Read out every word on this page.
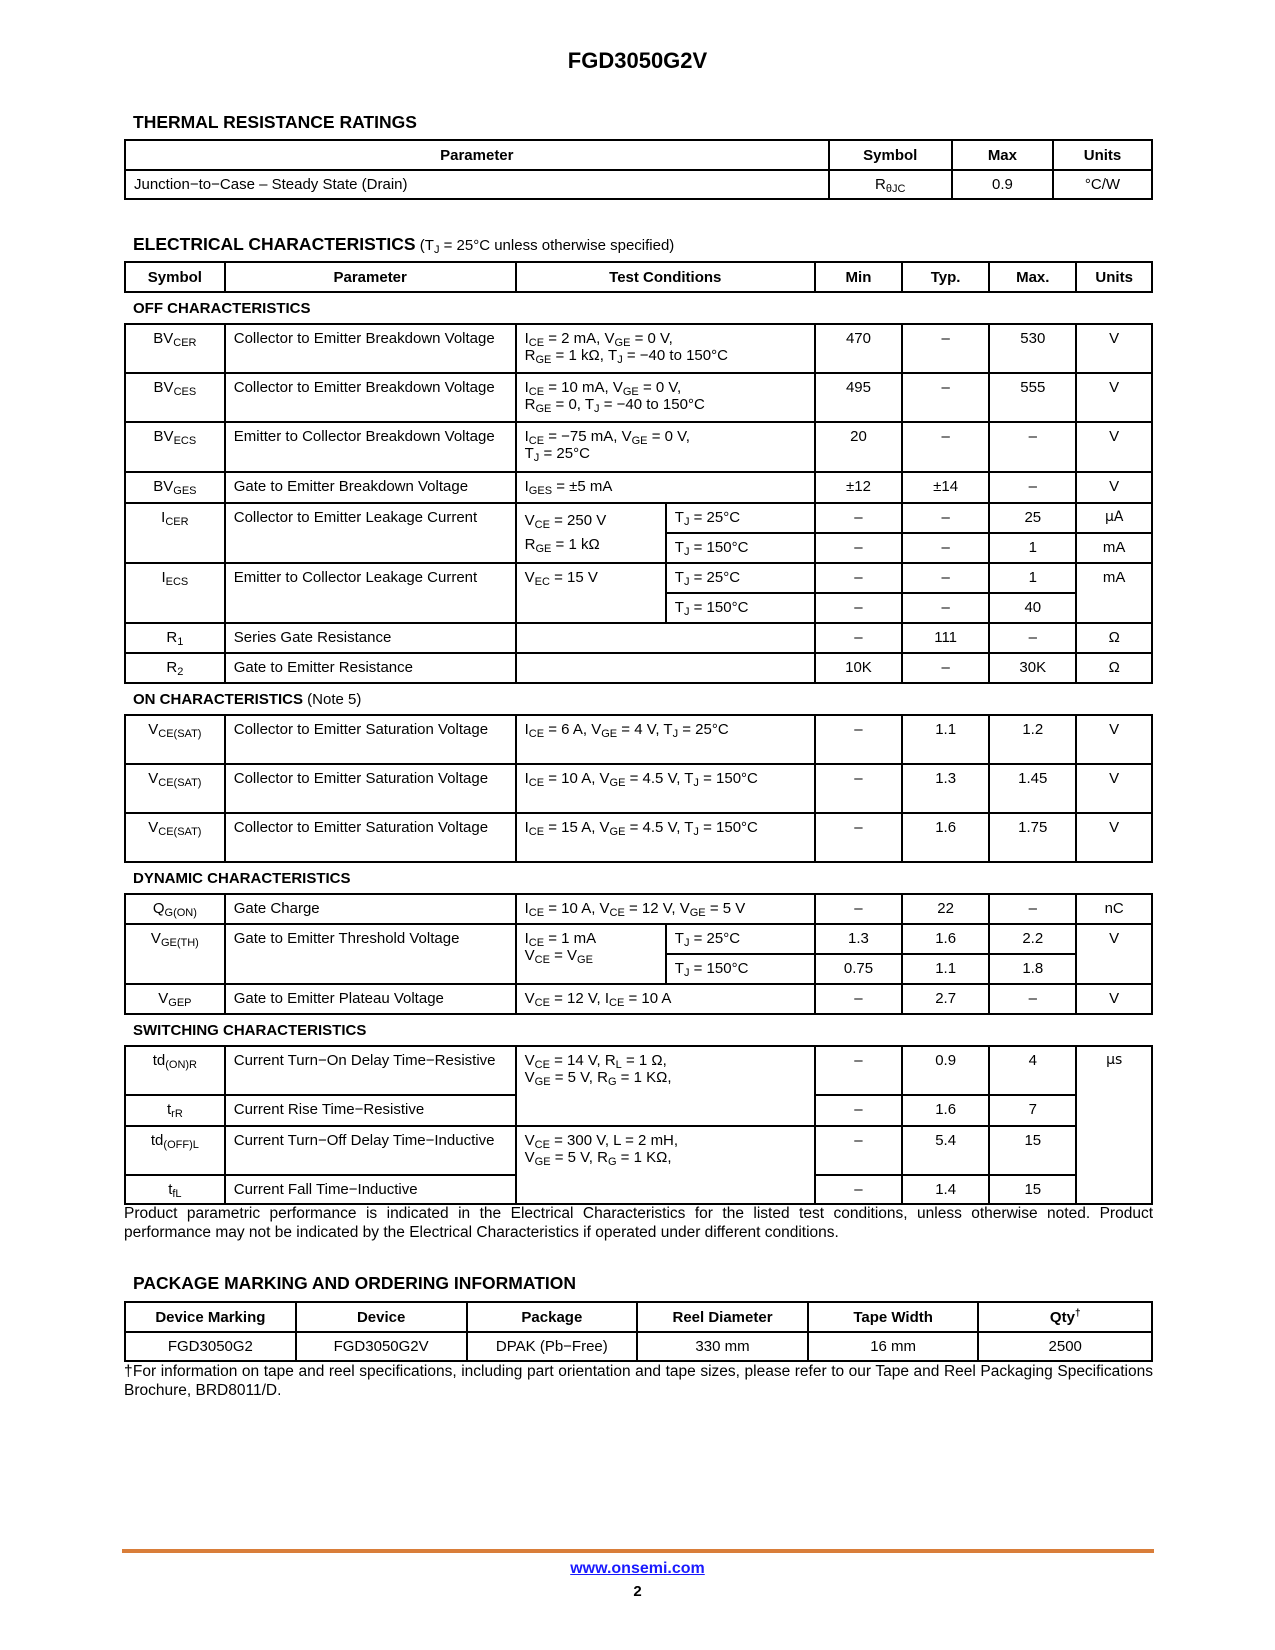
FGD3050G2V
THERMAL RESISTANCE RATINGS
Parameter	Symbol	Max	Units
Junction−to−Case – Steady State (Drain)	$R_{\theta JC}$	0.9	°C/W
ELECTRICAL CHARACTERISTICS ($T_J = 25^\circ C$ unless otherwise specified)
Symbol	Parameter	Test Conditions		Min	Typ.	Max.	Units
OFF CHARACTERISTICS							
$BV_{CER}$	Collector to Emitter Breakdown Voltage	$I_{CE} = 2$ mA, $V_{GE} = 0$ V,
$R_{GE} = 1$ kΩ, $T_J = -40$ to 150°C		470	–	530	V
$BV_{CES}$	Collector to Emitter Breakdown Voltage	$I_{CE} = 10$ mA, $V_{GE} = 0$ V,
$R_{GE} = 0$, $T_J = -40$ to 150°C		495	–	555	V
$BV_{ECS}$	Emitter to Collector Breakdown Voltage	$I_{CE} = -75$ mA, $V_{GE} = 0$ V,
$T_J = 25^\circ C$		20	–	–	V
$BV_{GES}$	Gate to Emitter Breakdown Voltage	$I_{GES} = \pm 5$ mA		±12	±14	–	V
$I_{CER}$	Collector to Emitter Leakage Current	$V_{CE} = 250$ V
$R_{GE} = 1$ kΩ	$T_J = 25^\circ C$	–	–	25	μA
			$T_J = 150^\circ C$	–	–	1	mA
$I_{ECS}$	Emitter to Collector Leakage Current	$V_{EC} = 15$ V	$T_J = 25^\circ C$	–	–	1	mA
			$T_J = 150^\circ C$	–	–	40	
$R_1$	Series Gate Resistance			–	111	–	Ω
$R_2$	Gate to Emitter Resistance			10K	–	30K	Ω
ON CHARACTERISTICS (Note 5)							
$V_{CE(SAT)}$	Collector to Emitter Saturation Voltage	$I_{CE} = 6$ A, $V_{GE} = 4$ V, $T_J = 25^\circ C$		–	1.1	1.2	V
$V_{CE(SAT)}$	Collector to Emitter Saturation Voltage	$I_{CE} = 10$ A, $V_{GE} = 4.5$ V, $T_J = 150^\circ C$		–	1.3	1.45	V
$V_{CE(SAT)}$	Collector to Emitter Saturation Voltage	$I_{CE} = 15$ A, $V_{GE} = 4.5$ V, $T_J = 150^\circ C$		–	1.6	1.75	V
DYNAMIC CHARACTERISTICS							
$Q_{G(ON)}$	Gate Charge	$I_{CE} = 10$ A, $V_{CE} = 12$ V, $V_{GE} = 5$ V		–	22	–	nC
$V_{GE(TH)}$	Gate to Emitter Threshold Voltage	$I_{CE} = 1$ mA
$V_{CE} = V_{GE}$	$T_J = 25^\circ C$	1.3	1.6	2.2	V
			$T_J = 150^\circ C$	0.75	1.1	1.8	
$V_{GEP}$	Gate to Emitter Plateau Voltage	$V_{CE} = 12$ V, $I_{CE} = 10$ A		–	2.7	–	V
SWITCHING CHARACTERISTICS							
$td_{(ON)R}$	Current Turn−On Delay Time−Resistive	$V_{CE} = 14$ V, $R_L = 1$ Ω,
$V_{GE} = 5$ V, $R_G = 1$ KΩ,		–	0.9	4	μs
$t_{rR}$	Current Rise Time−Resistive			–	1.6	7	
$td_{(OFF)L}$	Current Turn−Off Delay Time−Inductive	$V_{CE} = 300$ V, L = 2 mH,
$V_{GE} = 5$ V, $R_G = 1$ KΩ,		–	5.4	15	
$t_{fL}$	Current Fall Time−Inductive			–	1.4	15	
Product parametric performance is indicated in the Electrical Characteristics for the listed test conditions, unless otherwise noted. Product performance may not be indicated by the Electrical Characteristics if operated under different conditions.
PACKAGE MARKING AND ORDERING INFORMATION
Device Marking	Device	Package	Reel Diameter	Tape Width	Qty†
FGD3050G2	FGD3050G2V	DPAK (Pb−Free)	330 mm	16 mm	2500
†For information on tape and reel specifications, including part orientation and tape sizes, please refer to our Tape and Reel Packaging Specifications Brochure, BRD8011/D.
www.onsemi.com
2
